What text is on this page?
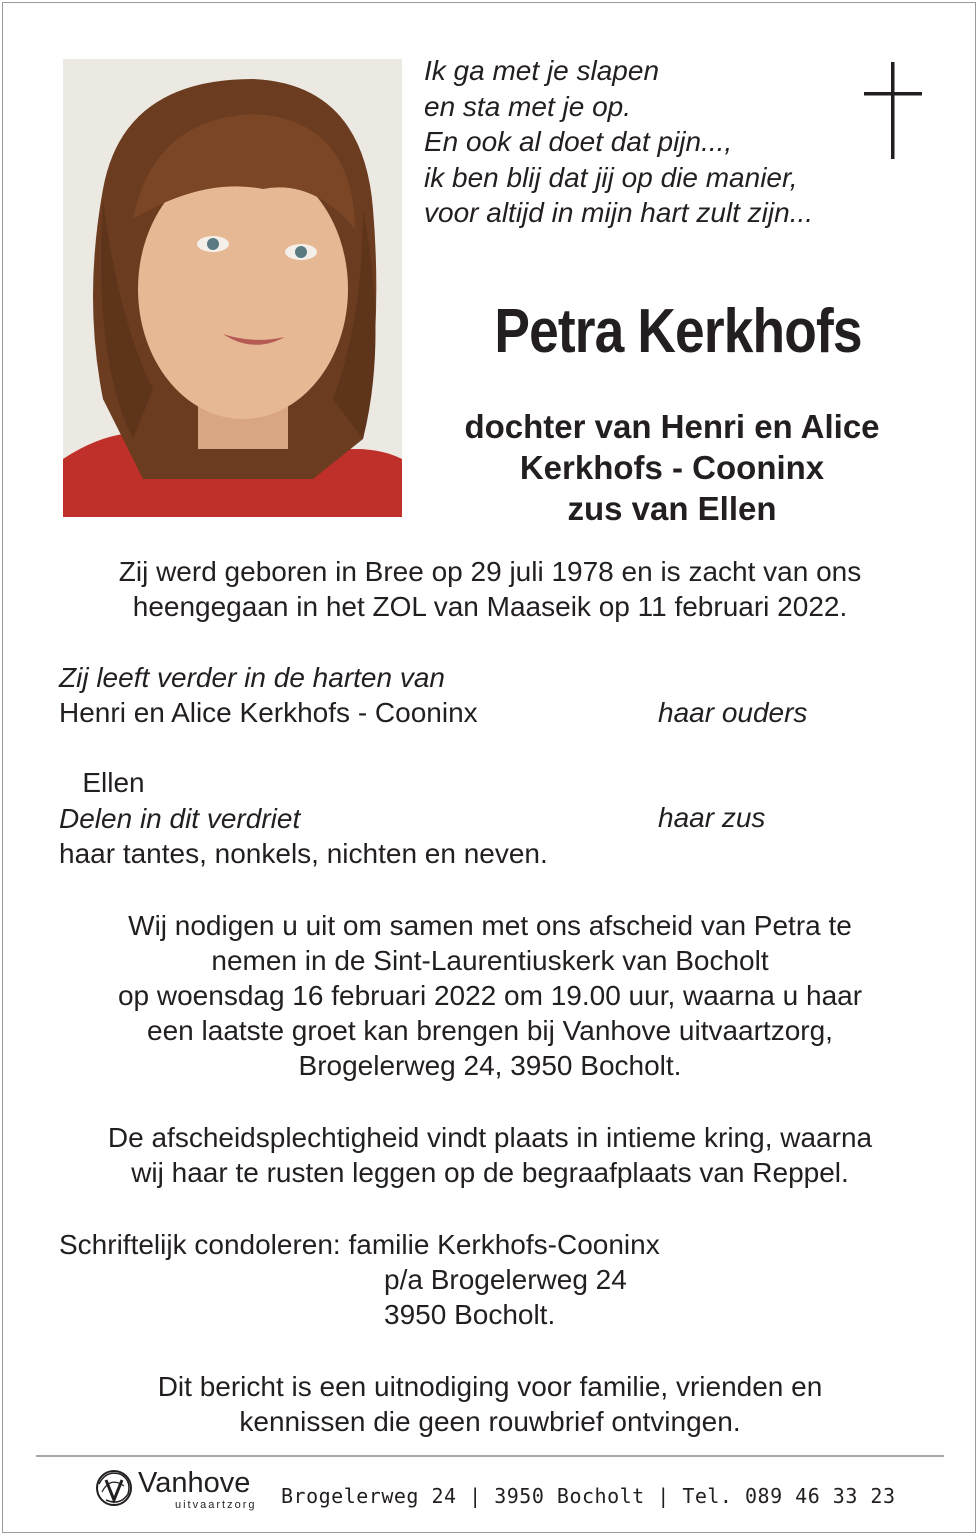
Ik ga met je slapen
en sta met je op.
En ook al doet dat pijn...,
ik ben blij dat jij op die manier,
voor altijd in mijn hart zult zijn...
Petra Kerkhofs
dochter van Henri en Alice
Kerkhofs - Cooninx
zus van Ellen
Zij werd geboren in Bree op 29 juli 1978 en is zacht van ons
heengegaan in het ZOL van Maaseik op 11 februari 2022.
Zij leeft verder in de harten van
Henri en Alice Kerkhofs - Cooninx	haar ouders

Ellen

haar zus

Delen in dit verdriet
haar tantes, nonkels, nichten en neven.
Wij nodigen u uit om samen met ons afscheid van Petra te
nemen in de Sint-Laurentiuskerk van Bocholt
op woensdag 16 februari 2022 om 19.00 uur, waarna u haar
een laatste groet kan brengen bij Vanhove uitvaartzorg,
Brogelerweg 24, 3950 Bocholt.
De afscheidsplechtigheid vindt plaats in intieme kring, waarna
wij haar te rusten leggen op de begraafplaats van Reppel.
Schriftelijk condoleren: familie Kerkhofs-Cooninx
p/a Brogelerweg 24
3950 Bocholt.
Dit bericht is een uitnodiging voor familie, vrienden en
kennissen die geen rouwbrief ontvingen.
Vanhove
uitvaartzorg Brogelerweg 24 | 3950 Bocholt | Tel. 089 46 33 23
